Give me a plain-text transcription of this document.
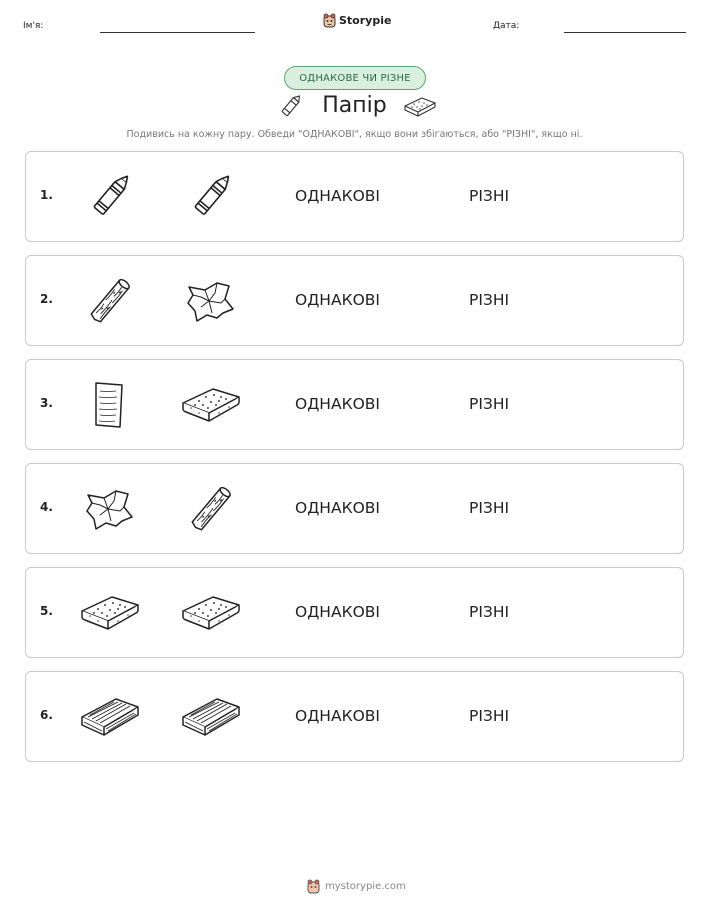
Ім'я:	Storypie	Дата:
ОДНАКОВЕ ЧИ РІЗНЕ
Папір
Подивись на кожну пару. Обведи "ОДНАКОВІ", якщо вони збігаються, або "РІЗНІ", якщо ні.
1.	ОДНАКОВІ	РІЗНІ
2.	ОДНАКОВІ	РІЗНІ
3.	ОДНАКОВІ	РІЗНІ
4.	ОДНАКОВІ	РІЗНІ
5.	ОДНАКОВІ	РІЗНІ
6.	ОДНАКОВІ	РІЗНІ
mystorypie.com
